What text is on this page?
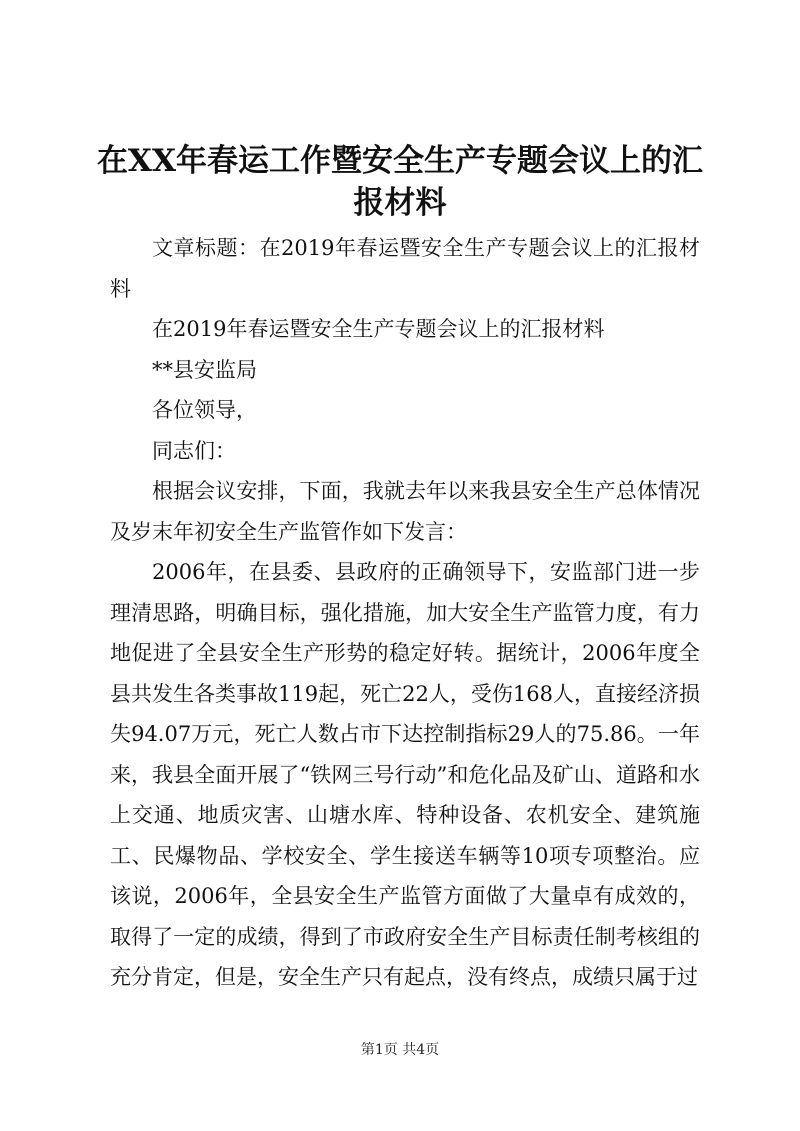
在XX年春运工作暨安全生产专题会议上的汇
报材料

文章标题：在2019年春运暨安全生产专题会议上的汇报材料

在2019年春运暨安全生产专题会议上的汇报材料

**县安监局

各位领导，

同志们：

根据会议安排，下面，我就去年以来我县安全生产总体情况及岁末年初安全生产监管作如下发言：

2006年，在县委、县政府的正确领导下，安监部门进一步理清思路，明确目标，强化措施，加大安全生产监管力度，有力地促进了全县安全生产形势的稳定好转。据统计，2006年度全县共发生各类事故119起，死亡22人，受伤168人，直接经济损失94.07万元，死亡人数占市下达控制指标29人的75.86。一年来，我县全面开展了“铁网三号行动”和危化品及矿山、道路和水上交通、地质灾害、山塘水库、特种设备、农机安全、建筑施工、民爆物品、学校安全、学生接送车辆等10项专项整治。应该说，2006年，全县安全生产监管方面做了大量卓有成效的，取得了一定的成绩，得到了市政府安全生产目标责任制考核组的充分肯定，但是，安全生产只有起点，没有终点，成绩只属于过

第1页 共4页
